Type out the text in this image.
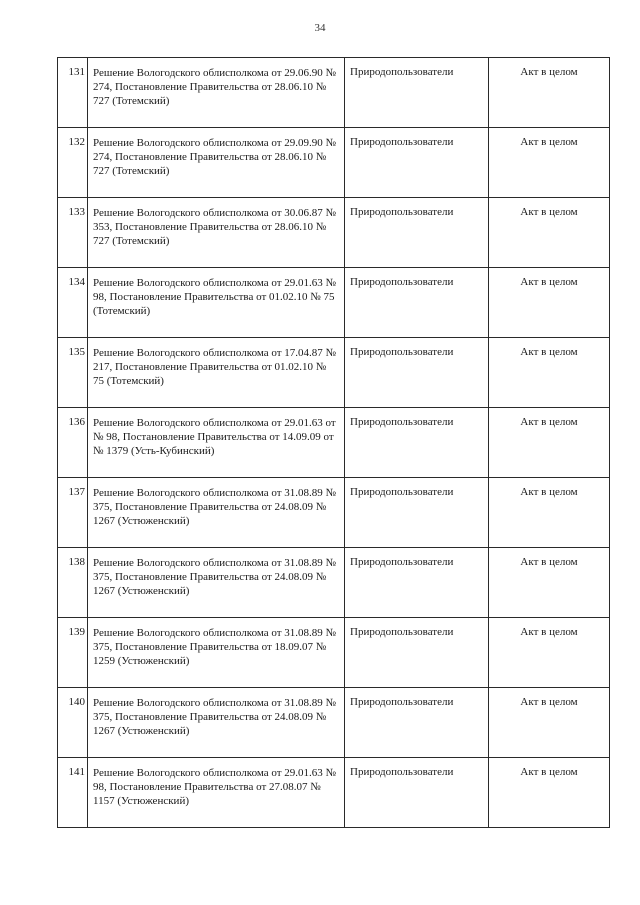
34
131	Решение Вологодского облисполкома от 29.06.90 № 274, Постановление Правительства от 28.06.10 № 727 (Тотемский)	Природопользователи	Акт в целом
132	Решение Вологодского облисполкома от 29.09.90 № 274, Постановление Правительства от 28.06.10 № 727 (Тотемский)	Природопользователи	Акт в целом
133	Решение Вологодского облисполкома от 30.06.87 № 353, Постановление Правительства от 28.06.10 № 727 (Тотемский)	Природопользователи	Акт в целом
134	Решение Вологодского облисполкома от 29.01.63 № 98, Постановление Правительства от 01.02.10 № 75 (Тотемский)	Природопользователи	Акт в целом
135	Решение Вологодского облисполкома от 17.04.87 № 217, Постановление Правительства от 01.02.10 № 75 (Тотемский)	Природопользователи	Акт в целом
136	Решение Вологодского облисполкома от 29.01.63 от № 98, Постановление Правительства от 14.09.09 от № 1379 (Усть-Кубинский)	Природопользователи	Акт в целом
137	Решение Вологодского облисполкома от 31.08.89 № 375, Постановление Правительства от 24.08.09 № 1267 (Устюженский)	Природопользователи	Акт в целом
138	Решение Вологодского облисполкома от 31.08.89 № 375, Постановление Правительства от 24.08.09 № 1267 (Устюженский)	Природопользователи	Акт в целом
139	Решение Вологодского облисполкома от 31.08.89 № 375, Постановление Правительства от 18.09.07 № 1259 (Устюженский)	Природопользователи	Акт в целом
140	Решение Вологодского облисполкома от 31.08.89 № 375, Постановление Правительства от 24.08.09 № 1267 (Устюженский)	Природопользователи	Акт в целом
141	Решение Вологодского облисполкома от 29.01.63 № 98, Постановление Правительства от 27.08.07 № 1157 (Устюженский)	Природопользователи	Акт в целом
